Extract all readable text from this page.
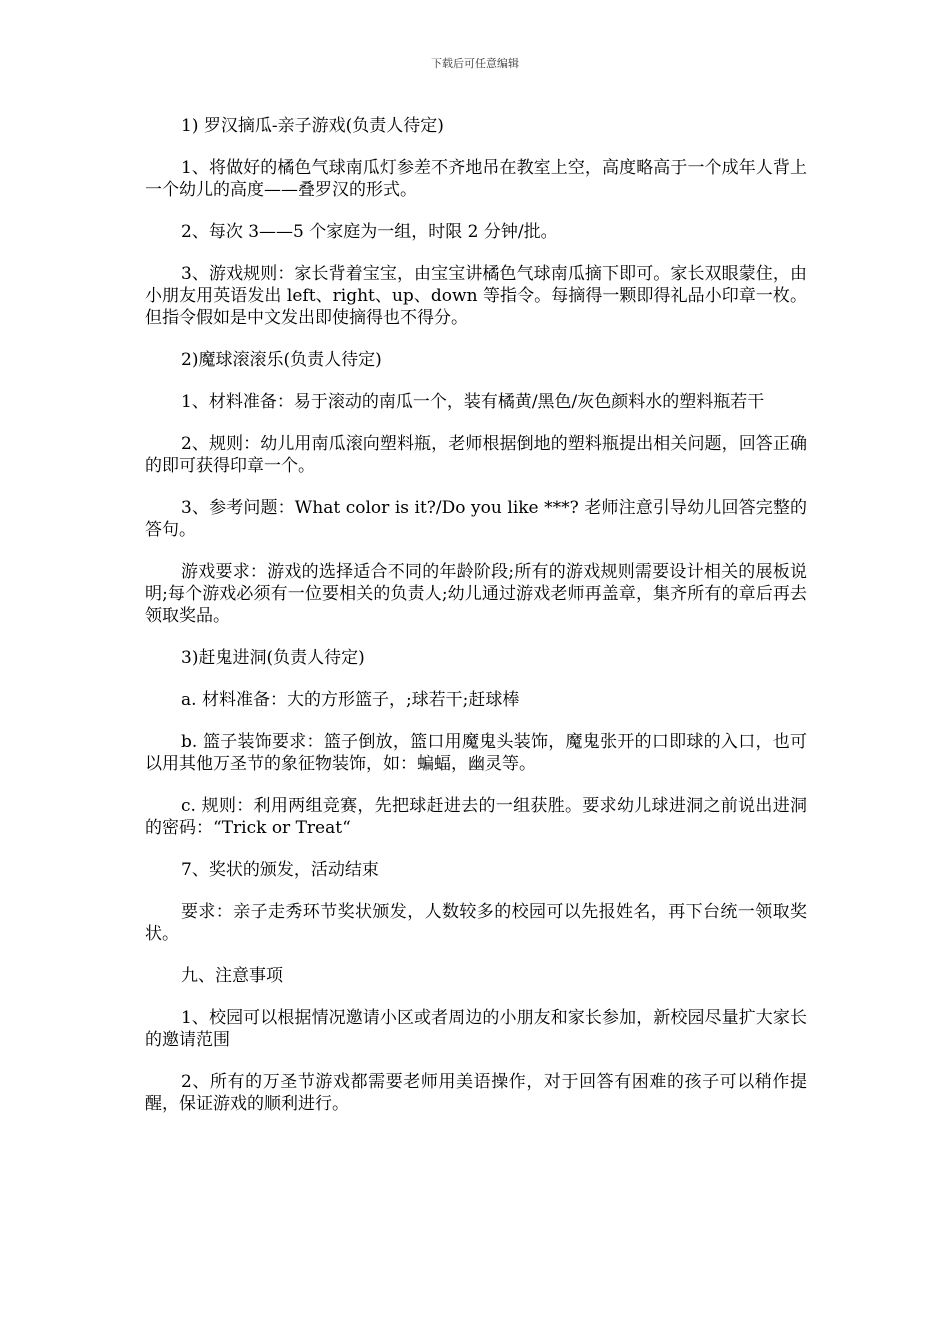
下载后可任意编辑

1) 罗汉摘瓜-亲子游戏(负责人待定)

1、将做好的橘色气球南瓜灯参差不齐地吊在教室上空，高度略高于一个成年人背上一个幼儿的高度——叠罗汉的形式。

2、每次 3——5 个家庭为一组，时限 2 分钟/批。

3、游戏规则：家长背着宝宝，由宝宝讲橘色气球南瓜摘下即可。家长双眼蒙住，由小朋友用英语发出 left、right、up、down 等指令。每摘得一颗即得礼品小印章一枚。但指令假如是中文发出即使摘得也不得分。

2)魔球滚滚乐(负责人待定)

1、材料准备：易于滚动的南瓜一个，装有橘黄/黑色/灰色颜料水的塑料瓶若干

2、规则：幼儿用南瓜滚向塑料瓶，老师根据倒地的塑料瓶提出相关问题，回答正确的即可获得印章一个。

3、参考问题：What color is it?/Do you like ***? 老师注意引导幼儿回答完整的答句。

游戏要求：游戏的选择适合不同的年龄阶段;所有的游戏规则需要设计相关的展板说明;每个游戏必须有一位要相关的负责人;幼儿通过游戏老师再盖章，集齐所有的章后再去领取奖品。

3)赶鬼进洞(负责人待定)

a. 材料准备：大的方形篮子，;球若干;赶球棒

b. 篮子装饰要求：篮子倒放，篮口用魔鬼头装饰，魔鬼张开的口即球的入口，也可以用其他万圣节的象征物装饰，如：蝙蝠，幽灵等。

c. 规则：利用两组竞赛，先把球赶进去的一组获胜。要求幼儿球进洞之前说出进洞的密码：“Trick or Treat“

7、奖状的颁发，活动结束

要求：亲子走秀环节奖状颁发，人数较多的校园可以先报姓名，再下台统一领取奖状。

九、注意事项

1、校园可以根据情况邀请小区或者周边的小朋友和家长参加，新校园尽量扩大家长的邀请范围

2、所有的万圣节游戏都需要老师用美语操作，对于回答有困难的孩子可以稍作提醒，保证游戏的顺利进行。
